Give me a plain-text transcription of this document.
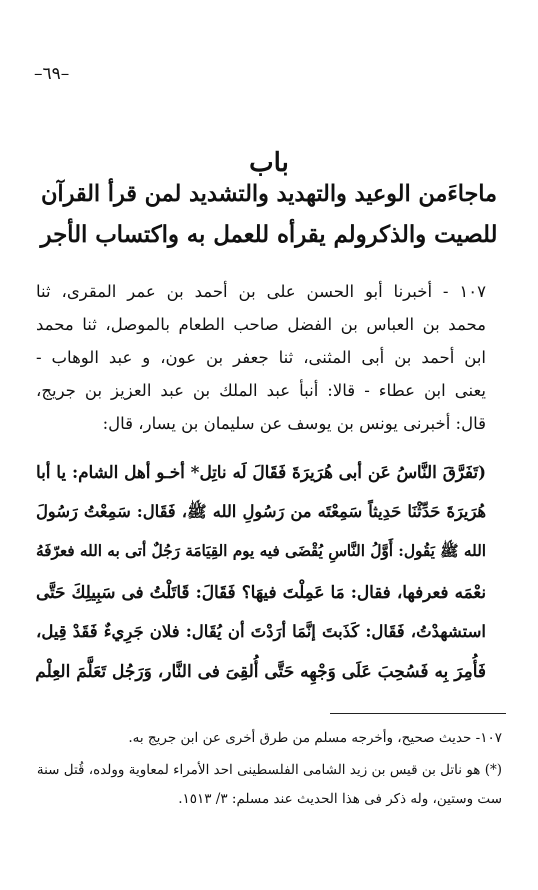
–٦٩–
باب
ماجاءَمن الوعيد والتهديد والتشديد لمن قرأ القرآن
للصيت والذكرولم يقرأه للعمل به واكتساب الأجر
١٠٧ - أخبرنا أبو الحسن على بن أحمد بن عمر المقرى، ثنا
محمد بن العباس بن الفضل صاحب الطعام بالموصل، ثنا محمد
ابن أحمد بن أبى المثنى، ثنا جعفر بن عون، و عبد الوهاب -
يعنى ابن عطاء - قالا: أنبأ عبد الملك بن عبد العزيز بن جريج،
قال: أخبرنى يونس بن يوسف عن سليمان بن يسار، قال:
(تَفَرَّقَ النَّاسُ عَن أبى هُرَيرَةَ فَقَالَ لَه ناتِل* أخـو أهل الشام: يا أبا
هُرَيرَةَ حَدِّثْنَا حَدِيثاً سَمِعْتَه من رَسُولِ الله ﷺ، فَقَال: سَمِعْتُ رَسُولَ
الله ﷺ يَقُول: أَوَّلُ النَّاسِ يُقْضَى فيه يوم القِيَامَة رَجُلٌ أتى به الله فعرّفَهُ
نعْمَه فعرفها، فقال: مَا عَمِلْتَ فيهَا؟ فَقَالَ: قَاتَلْتُ فى سَبِيلِكَ حَتَّى
استشهدْتُ، فَقَال: كَذَبتَ إنَّمَا أرَدْتَ أن يُقَال: فلان جَرِيءٌ فَقَدْ قِيل،
فَأُمِرَ بِه فَسُحِبَ عَلَى وَجْهِه حَتَّى أُلقِىَ فى النَّار، وَرَجُل تَعَلَّمَ العِلْم
١٠٧- حديث صحيح، وأخرجه مسلم من طرق أخرى عن ابن جريج به.
(*) هو ناتل بن قيس بن زيد الشامى الفلسطينى احد الأمراء لمعاوية وولده، قُتل سنة
ست وستين، وله ذكر فى هذا الحديث عند مسلم: ٣/ ١٥١٣.
